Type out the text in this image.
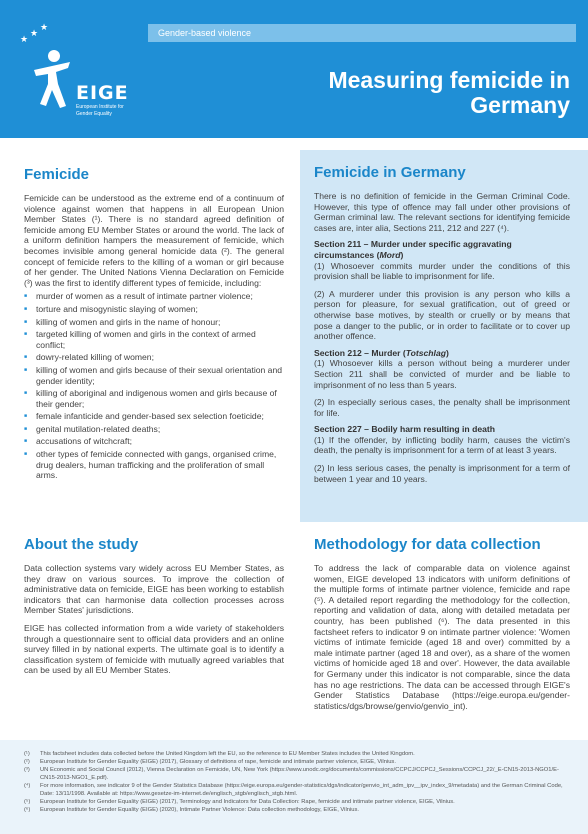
★
★
★
EIGE
European Institute for Gender Equality
Gender-based violence
Measuring femicide in Germany
Femicide

Femicide can be understood as the extreme end of a continuum of violence against women that happens in all European Union Member States (¹). There is no standard agreed definition of femicide among EU Member States or around the world. The lack of a uniform definition hampers the measurement of femicide, which becomes invisible among general homicide data (²). The general concept of femicide refers to the killing of a woman or girl because of her gender. The United Nations Vienna Declaration on Femicide (³) was the first to identify different types of femicide, including:

■ murder of women as a result of intimate partner violence;
■ torture and misogynistic slaying of women;
■ killing of women and girls in the name of honour;
■ targeted killing of women and girls in the context of armed conflict;
■ dowry-related killing of women;
■ killing of women and girls because of their sexual orientation and gender identity;
■ killing of aboriginal and indigenous women and girls because of their gender;
■ female infanticide and gender-based sex selection foeticide;
■ genital mutilation-related deaths;
■ accusations of witchcraft;
■ other types of femicide connected with gangs, organised crime, drug dealers, human trafficking and the proliferation of small arms.
Femicide in Germany

There is no definition of femicide in the German Criminal Code. However, this type of offence may fall under other provisions of German criminal law. The relevant sections for identifying femicide cases are, inter alia, Sections 211, 212 and 227 (⁴).

Section 211 – Murder under specific aggravating circumstances (Mord)

(1) Whosoever commits murder under the conditions of this provision shall be liable to imprisonment for life.

(2) A murderer under this provision is any person who kills a person for pleasure, for sexual gratification, out of greed or otherwise base motives, by stealth or cruelly or by means that pose a danger to the public, or in order to facilitate or to cover up another offence.

Section 212 – Murder (Totschlag)

(1) Whosoever kills a person without being a murderer under Section 211 shall be convicted of murder and be liable to imprisonment of no less than 5 years.

(2) In especially serious cases, the penalty shall be imprisonment for life.

Section 227 – Bodily harm resulting in death

(1) If the offender, by inflicting bodily harm, causes the victim's death, the penalty is imprisonment for a term of at least 3 years.

(2) In less serious cases, the penalty is imprisonment for a term of between 1 year and 10 years.

About the study

Data collection systems vary widely across EU Member States, as they draw on various sources. To improve the collection of administrative data on femicide, EIGE has been working to establish indicators that can harmonise data collection processes across Member States' jurisdictions.

EIGE has collected information from a wide variety of stakeholders through a questionnaire sent to official data providers and an online survey filled in by national experts. The ultimate goal is to identify a classification system of femicide with mutually agreed variables that can be used by all EU Member States.

Methodology for data collection

To address the lack of comparable data on violence against women, EIGE developed 13 indicators with uniform definitions of the multiple forms of intimate partner violence, femicide and rape (⁵). A detailed report regarding the methodology for the collection, reporting and validation of data, along with detailed metadata per country, has been published (⁶). The data presented in this factsheet refers to indicator 9 on intimate partner violence: 'Women victims of intimate femicide (aged 18 and over) committed by a male intimate partner (aged 18 and over), as a share of the women victims of homicide aged 18 and over'. However, the data available for Germany under this indicator is not comparable, since the data has no age restrictions. The data can be accessed through EIGE's Gender Statistics Database (https://eige.europa.eu/gender-statistics/dgs/browse/genvio/genvio_int).

(¹) This factsheet includes data collected before the United Kingdom left the EU, so the reference to EU Member States includes the United Kingdom.
(²) European Institute for Gender Equality (EIGE) (2017), Glossary of definitions of rape, femicide and intimate partner violence, EIGE, Vilnius.
(³) UN Economic and Social Council (2012), Vienna Declaration on Femicide, UN, New York (https://www.unodc.org/documents/commissions/CCPCJ/CCPCJ_Sessions/CCPCJ_22/_E-CN15-2013-NGO1/E-CN15-2013-NGO1_E.pdf).
(⁴) For more information, see indicator 9 of the Gender Statistics Database (https://eige.europa.eu/gender-statistics/dgs/indicator/genvio_int_adm_ipv__ipv_index_9/metadata) and the German Criminal Code, Date: 13/11/1998. Available at: https://www.gesetze-im-internet.de/englisch_stgb/englisch_stgb.html.
(⁵) European Institute for Gender Equality (EIGE) (2017), Terminology and Indicators for Data Collection: Rape, femicide and intimate partner violence, EIGE, Vilnius.
(⁶) European Institute for Gender Equality (EIGE) (2020), Intimate Partner Violence: Data collection methodology, EIGE, Vilnius.
